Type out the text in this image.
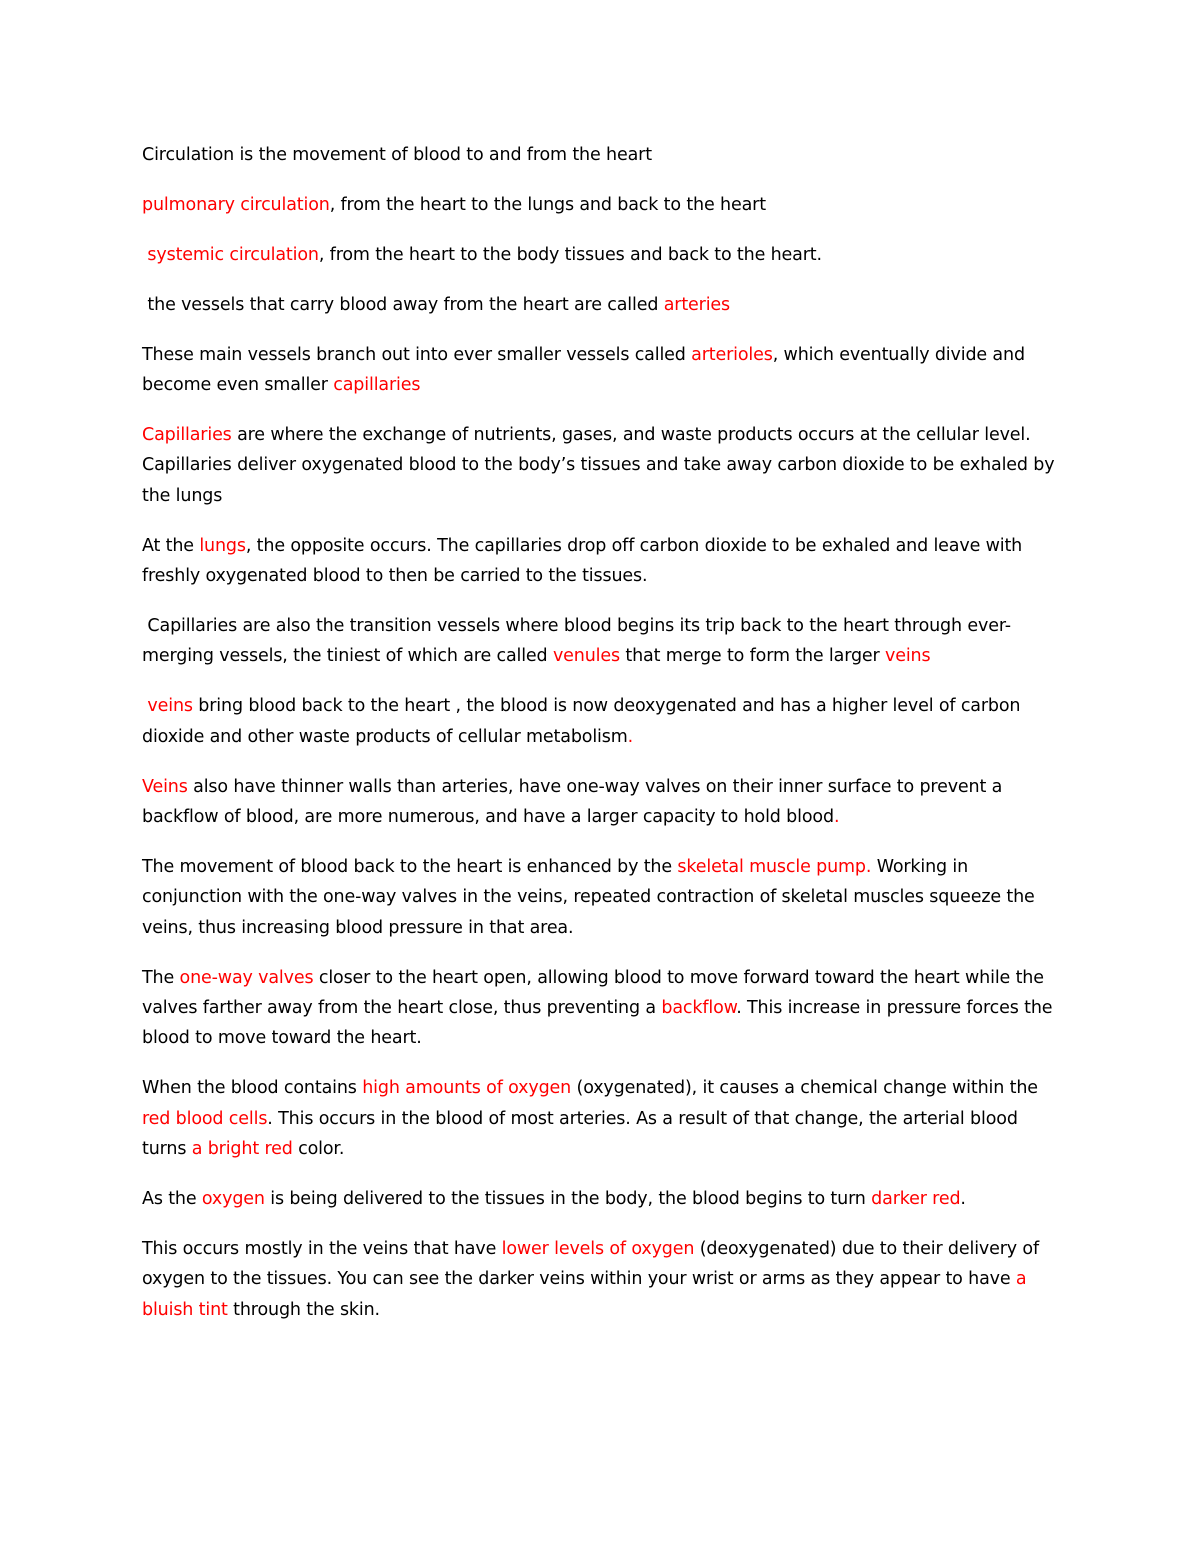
Circulation is the movement of blood to and from the heart

pulmonary circulation, from the heart to the lungs and back to the heart

systemic circulation, from the heart to the body tissues and back to the heart.

the vessels that carry blood away from the heart are called arteries

These main vessels branch out into ever smaller vessels called arterioles, which eventually divide and become even smaller capillaries

Capillaries are where the exchange of nutrients, gases, and waste products occurs at the cellular level. Capillaries deliver oxygenated blood to the body’s tissues and take away carbon dioxide to be exhaled by the lungs

At the lungs, the opposite occurs. The capillaries drop off carbon dioxide to be exhaled and leave with freshly oxygenated blood to then be carried to the tissues.

Capillaries are also the transition vessels where blood begins its trip back to the heart through ever-merging vessels, the tiniest of which are called venules that merge to form the larger veins

veins bring blood back to the heart , the blood is now deoxygenated and has a higher level of carbon dioxide and other waste products of cellular metabolism.

Veins also have thinner walls than arteries, have one-way valves on their inner surface to prevent a backflow of blood, are more numerous, and have a larger capacity to hold blood.

The movement of blood back to the heart is enhanced by the skeletal muscle pump. Working in conjunction with the one-way valves in the veins, repeated contraction of skeletal muscles squeeze the veins, thus increasing blood pressure in that area.

The one-way valves closer to the heart open, allowing blood to move forward toward the heart while the valves farther away from the heart close, thus preventing a backflow. This increase in pressure forces the blood to move toward the heart.

When the blood contains high amounts of oxygen (oxygenated), it causes a chemical change within the red blood cells. This occurs in the blood of most arteries. As a result of that change, the arterial blood turns a bright red color.

As the oxygen is being delivered to the tissues in the body, the blood begins to turn darker red.

This occurs mostly in the veins that have lower levels of oxygen (deoxygenated) due to their delivery of oxygen to the tissues. You can see the darker veins within your wrist or arms as they appear to have a bluish tint through the skin.
